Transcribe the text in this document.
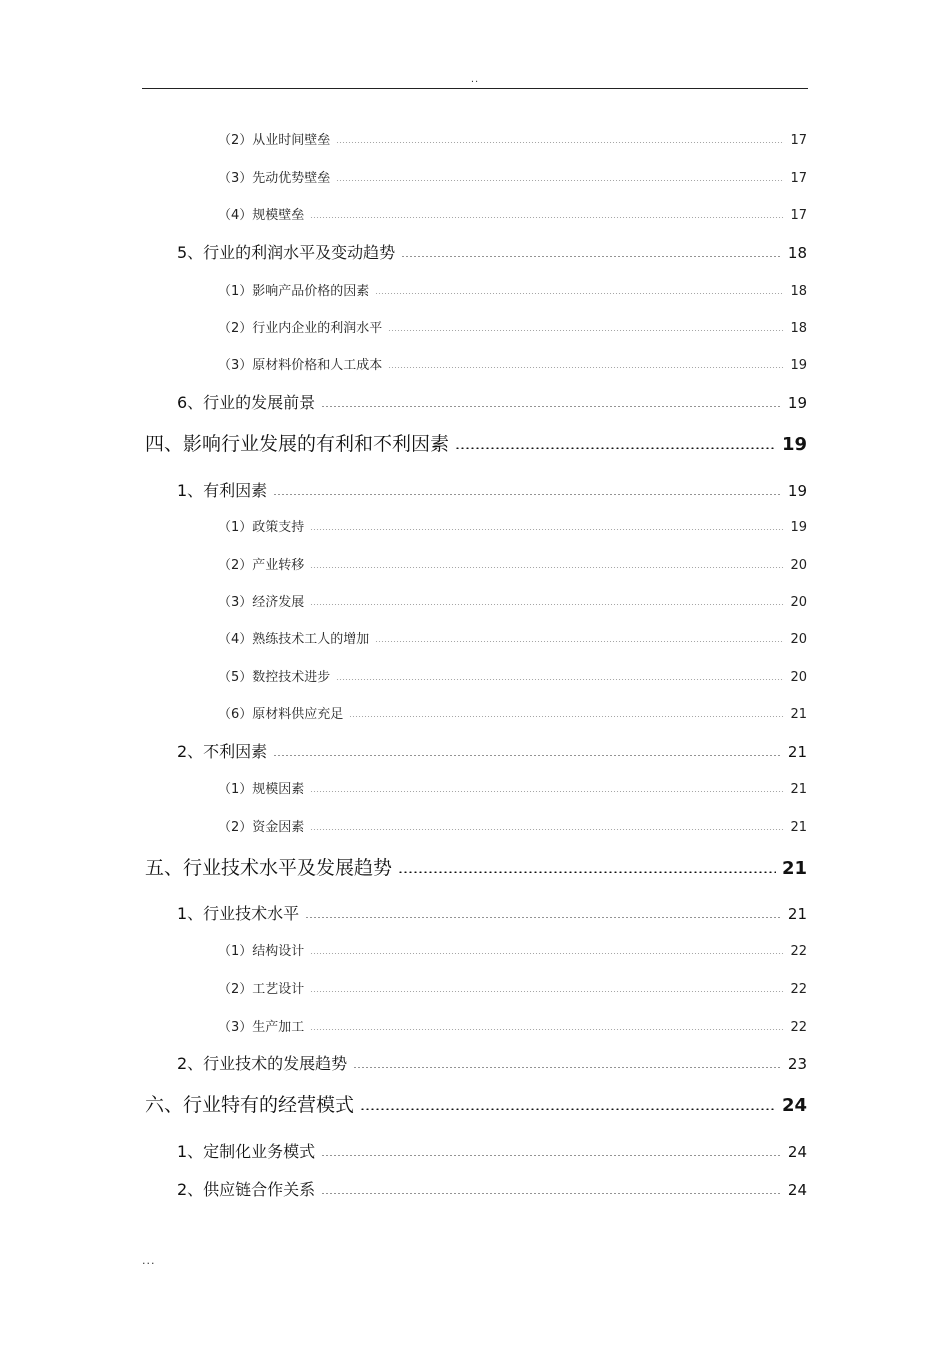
..
（2）从业时间壁垒	17
（3）先动优势壁垒	17
（4）规模壁垒	17
5、行业的利润水平及变动趋势	18
（1）影响产品价格的因素	18
（2）行业内企业的利润水平	18
（3）原材料价格和人工成本	19
6、行业的发展前景	19
四、影响行业发展的有利和不利因素	19
1、有利因素	19
（1）政策支持	19
（2）产业转移	20
（3）经济发展	20
（4）熟练技术工人的增加	20
（5）数控技术进步	20
（6）原材料供应充足	21
2、不利因素	21
（1）规模因素	21
（2）资金因素	21
五、行业技术水平及发展趋势	21
1、行业技术水平	21
（1）结构设计	22
（2）工艺设计	22
（3）生产加工	22
2、行业技术的发展趋势	23
六、行业特有的经营模式	24
1、定制化业务模式	24
2、供应链合作关系	24
...
